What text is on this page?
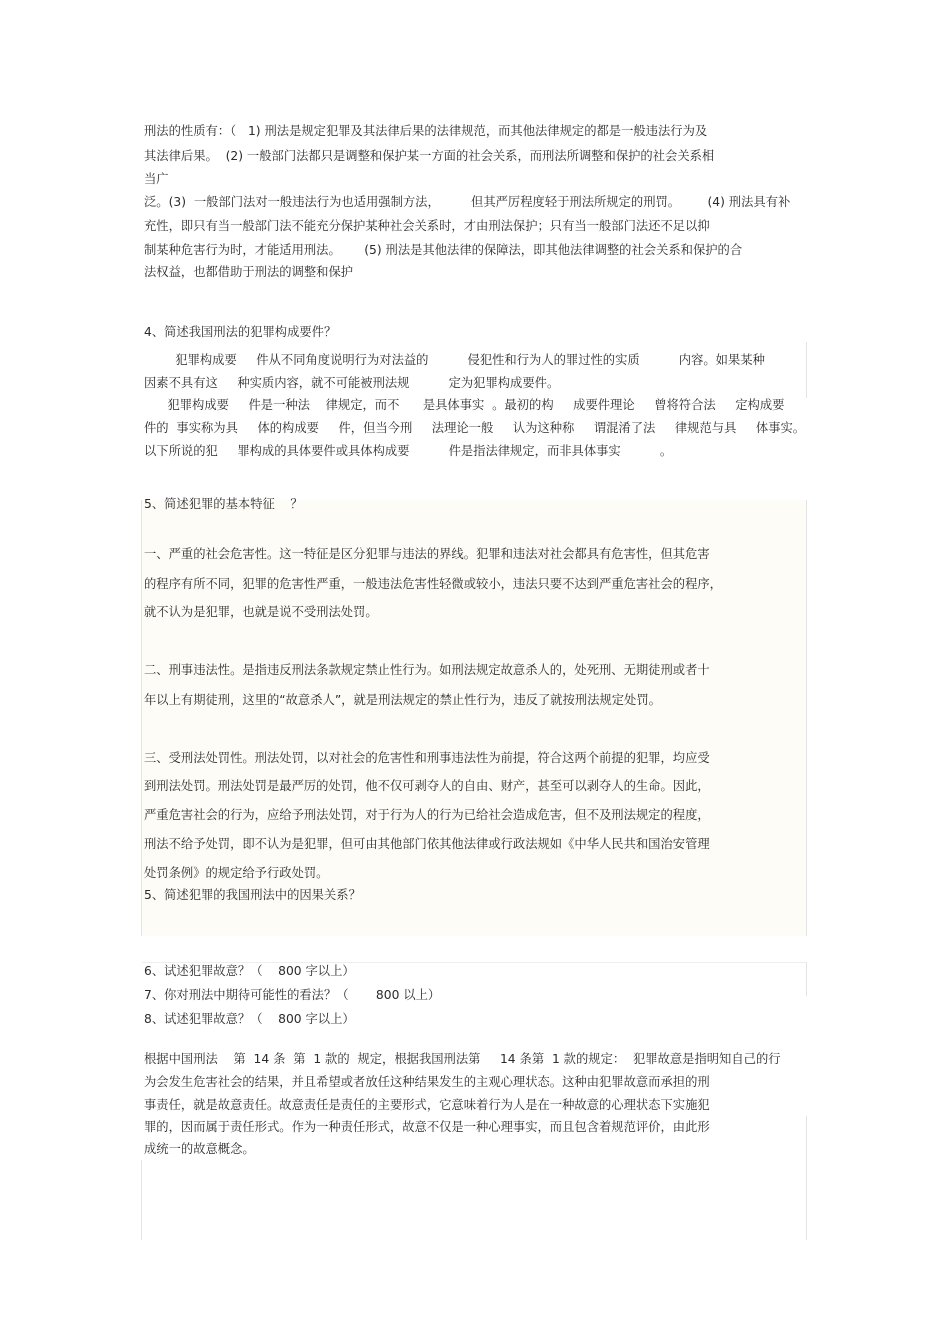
刑法的性质有：（   1) 刑法是规定犯罪及其法律后果的法律规范，而其他法律规定的都是一般违法行为及

其法律后果。  (2) 一般部门法都只是调整和保护某一方面的社会关系，而刑法所调整和保护的社会关系相

当广

泛。(3)  一般部门法对一般违法行为也适用强制方法，        但其严厉程度轻于刑法所规定的刑罚。       (4) 刑法具有补

充性，即只有当一般部门法不能充分保护某种社会关系时，才由刑法保护；只有当一般部门法还不足以抑

制某种危害行为时，才能适用刑法。      (5) 刑法是其他法律的保障法，即其他法律调整的社会关系和保护的合

法权益，也都借助于刑法的调整和保护

4、简述我国刑法的犯罪构成要件？

犯罪构成要     件从不同角度说明行为对法益的          侵犯性和行为人的罪过性的实质          内容。如果某种

因素不具有这     种实质内容，就不可能被刑法规          定为犯罪构成要件。

犯罪构成要     件是一种法    律规定，而不      是具体事实  。最初的构     成要件理论     曾将符合法     定构成要

件的  事实称为具     体的构成要     件，但当今刑     法理论一般     认为这种称     谓混淆了法     律规范与具     体事实。

以下所说的犯     罪构成的具体要件或具体构成要          件是指法律规定，而非具体事实          。

5、简述犯罪的基本特征    ？

一、严重的社会危害性。这一特征是区分犯罪与违法的界线。犯罪和违法对社会都具有危害性，但其危害

的程序有所不同，犯罪的危害性严重，一般违法危害性轻微或较小，违法只要不达到严重危害社会的程序，

就不认为是犯罪，也就是说不受刑法处罚。

二、刑事违法性。是指违反刑法条款规定禁止性行为。如刑法规定故意杀人的，处死刑、无期徒刑或者十

年以上有期徒刑，这里的“故意杀人”，就是刑法规定的禁止性行为，违反了就按刑法规定处罚。

三、受刑法处罚性。刑法处罚，以对社会的危害性和刑事违法性为前提，符合这两个前提的犯罪，均应受

到刑法处罚。刑法处罚是最严厉的处罚，他不仅可剥夺人的自由、财产，甚至可以剥夺人的生命。因此，

严重危害社会的行为，应给予刑法处罚，对于行为人的行为已给社会造成危害，但不及刑法规定的程度，

刑法不给予处罚，即不认为是犯罪，但可由其他部门依其他法律或行政法规如《中华人民共和国治安管理

处罚条例》的规定给予行政处罚。

5、简述犯罪的我国刑法中的因果关系？

6、试述犯罪故意？（    800 字以上）

7、你对刑法中期待可能性的看法？（       800 以上）

8、试述犯罪故意？（    800 字以上）

根据中国刑法    第  14 条  第  1 款的  规定，根据我国刑法第     14 条第  1 款的规定：  犯罪故意是指明知自己的行

为会发生危害社会的结果，并且希望或者放任这种结果发生的主观心理状态。这种由犯罪故意而承担的刑

事责任，就是故意责任。故意责任是责任的主要形式，它意味着行为人是在一种故意的心理状态下实施犯

罪的，因而属于责任形式。作为一种责任形式，故意不仅是一种心理事实，而且包含着规范评价，由此形

成统一的故意概念。
